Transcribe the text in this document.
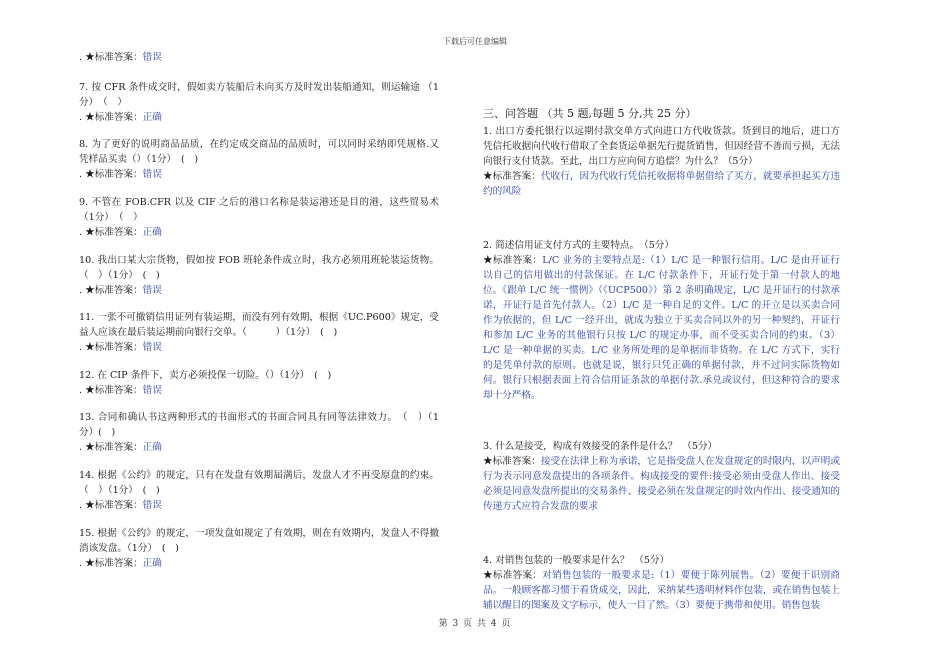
下载后可任意编辑
. ★标准答案：错误
7. 按 CFR 条件成交时，假如卖方装船后未向买方及时发出装船通知，则运输途 （1分）　（　）
. ★标准答案：正确
8. 为了更好的说明商品品质，在约定成交商品的品质时，可以同时采纳即凭规格.又凭样品买卖（）（1分）　(　)
. ★标准答案：错误
9. 不管在 FOB.CFR 以及 CIF 之后的港口名称是装运港还是目的港，这些贸易术 （1分）　（　）
. ★标准答案：正确
10. 我出口某大宗货物，假如按 FOB 班轮条件成立时，我方必须用班轮装运货物。（　）（1分）　(　)
. ★标准答案：错误
11. 一张不可撤销信用证列有装运期，而没有列有效期，根据《UC.P600》规定，受益人应该在最后装运期前向银行交单。（　　　）（1分）　(　)
. ★标准答案：错误
12. 在 CIP 条件下，卖方必须投保一切险。（）（1分）　(　)
. ★标准答案：错误
13. 合同和确认书这两种形式的书面形式的书面合同具有同等法律效力。　（　）（1分）(　)
. ★标准答案：正确
14. 根据《公约》的规定，只有在发盘有效期届满后，发盘人才不再受原盘的约束。（　）（1分）　(　)
. ★标准答案：错误
15. 根据《公约》的规定，一项发盘如规定了有效期，则在有效期内，发盘人不得撤消该发盘。（1分）　(　)
. ★标准答案：正确
三、问答题 （共 5 题,每题 5 分,共 25 分）
1. 出口方委托银行以远期付款交单方式向进口方代收货款。货到目的地后，进口方凭信托收据向代收行借取了全套货运单据先行提货销售，但因经营不善而亏损，无法向银行支付货款。至此，出口方应向何方追偿？为什么？（5分）
★标准答案：代收行，因为代收行凭信托收据将单据借给了买方，就要承担起买方违约的风险
2. 简述信用证支付方式的主要特点。　（5分）
★标准答案：L/C 业务的主要特点是:（1）L/C 是一种银行信用。L/C 是由开证行以自己的信用做出的付款保证。在 L/C 付款条件下，开证行处于第一付款人的地位。《跟单 L/C 统一惯例》（《UCP500》）第 2 条明确规定，L/C 是开证行的付款承诺，开证行是首先付款人。（2）L/C 是一种自足的文件。L/C 的开立是以买卖合同作为依据的，但 L/C 一经开出，就成为独立于买卖合同以外的另一种契约，开证行和参加 L/C 业务的其他银行只按 L/C 的规定办事，而不受买卖合同的约束。（3）L/C 是一种单据的买卖。L/C 业务所处理的是单据而非货物。在 L/C 方式下，实行的是凭单付款的原则。也就是说，银行只凭正确的单据付款，并不过问实际货物如何。银行只根据表面上符合信用证条款的单据付款.承兑或议付，但这种符合的要求却十分严格。
3. 什么是接受，构成有效接受的条件是什么？　（5分）
★标准答案：接受在法律上称为承诺，它是指受盘人在发盘规定的时限内，以声明或行为表示同意发盘提出的各项条件。构成接受的要件:接受必须由受盘人作出、接受必须是同意发盘所提出的交易条件、接受必须在发盘规定的时效内作出、接受通知的传递方式应符合发盘的要求
4. 对销售包装的一般要求是什么？　（5分）
★标准答案：对销售包装的一般要求是:（1）要便于陈列展售。（2）要便于识别商品。一般顾客都习惯于看货成交，因此，采纳某些透明材料作包装，或在销售包装上辅以醒目的图案及文字标示，使人一目了然。（3）要便于携带和使用。销售包装
第 3 页 共 4 页
